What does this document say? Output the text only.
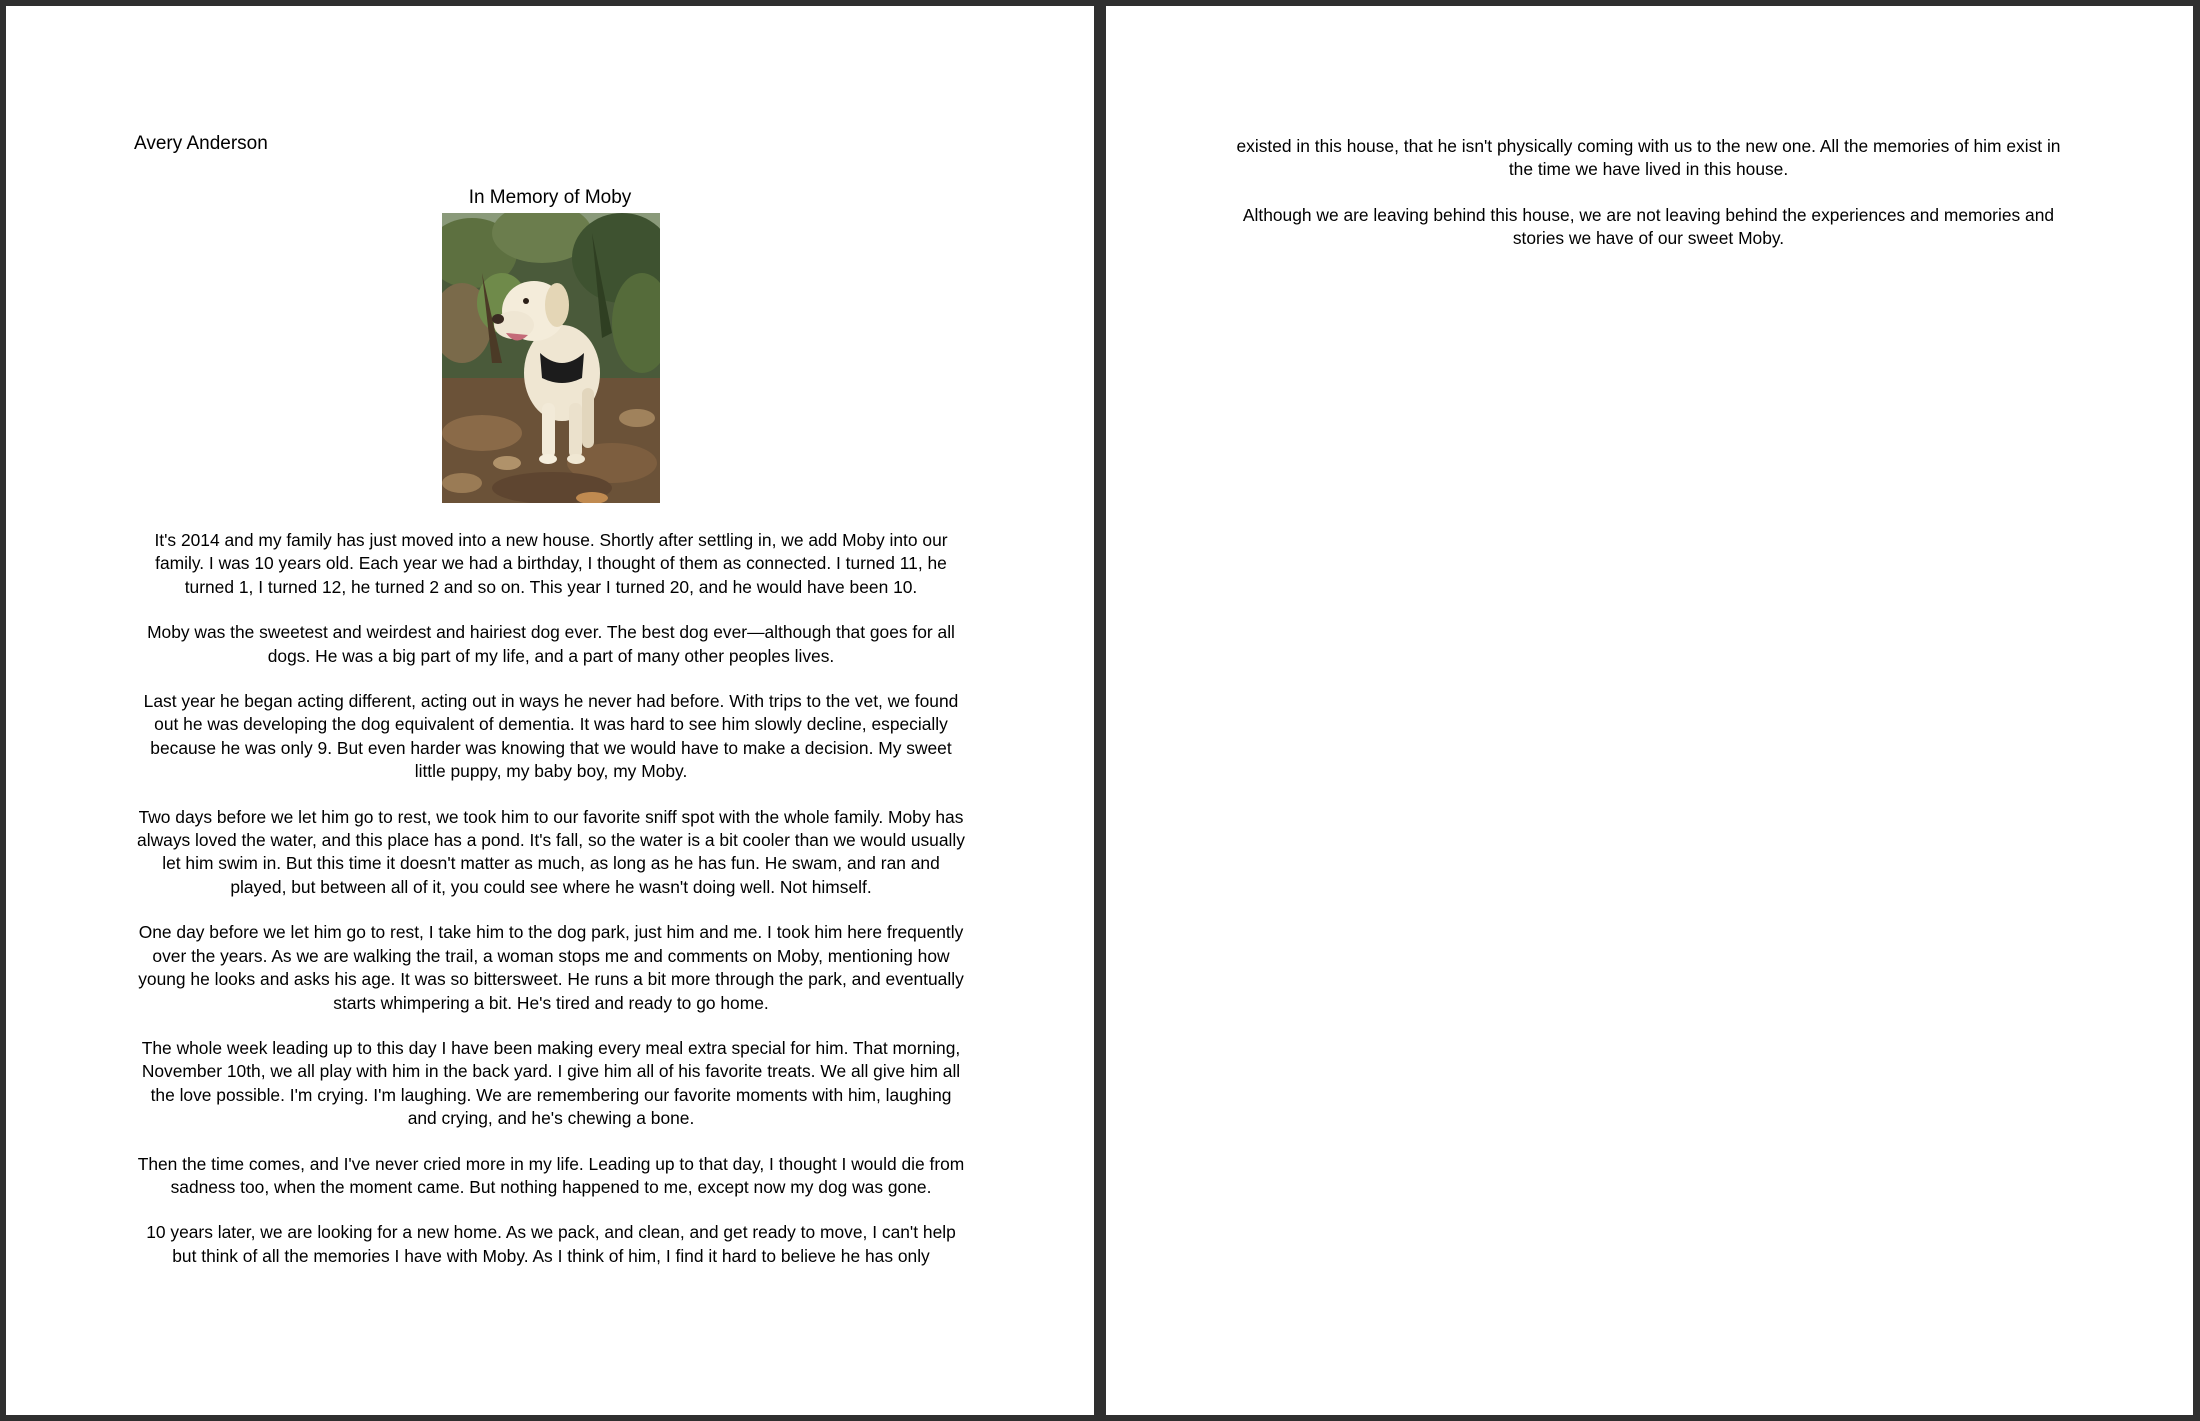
Avery Anderson

In Memory of Moby

It's 2014 and my family has just moved into a new house. Shortly after settling in, we add Moby into our family. I was 10 years old. Each year we had a birthday, I thought of them as connected. I turned 11, he turned 1, I turned 12, he turned 2 and so on. This year I turned 20, and he would have been 10.

Moby was the sweetest and weirdest and hairiest dog ever. The best dog ever—although that goes for all dogs. He was a big part of my life, and a part of many other peoples lives.

Last year he began acting different, acting out in ways he never had before. With trips to the vet, we found out he was developing the dog equivalent of dementia. It was hard to see him slowly decline, especially because he was only 9. But even harder was knowing that we would have to make a decision. My sweet little puppy, my baby boy, my Moby.

Two days before we let him go to rest, we took him to our favorite sniff spot with the whole family. Moby has always loved the water, and this place has a pond. It's fall, so the water is a bit cooler than we would usually let him swim in. But this time it doesn't matter as much, as long as he has fun. He swam, and ran and played, but between all of it, you could see where he wasn't doing well. Not himself.

One day before we let him go to rest, I take him to the dog park, just him and me. I took him here frequently over the years. As we are walking the trail, a woman stops me and comments on Moby, mentioning how young he looks and asks his age. It was so bittersweet. He runs a bit more through the park, and eventually starts whimpering a bit. He's tired and ready to go home.

The whole week leading up to this day I have been making every meal extra special for him. That morning, November 10th, we all play with him in the back yard. I give him all of his favorite treats. We all give him all the love possible. I'm crying. I'm laughing. We are remembering our favorite moments with him, laughing and crying, and he's chewing a bone.

Then the time comes, and I've never cried more in my life. Leading up to that day, I thought I would die from sadness too, when the moment came. But nothing happened to me, except now my dog was gone.

10 years later, we are looking for a new home. As we pack, and clean, and get ready to move, I can't help but think of all the memories I have with Moby. As I think of him, I find it hard to believe he has only

existed in this house, that he isn't physically coming with us to the new one. All the memories of him exist in the time we have lived in this house.

Although we are leaving behind this house, we are not leaving behind the experiences and memories and stories we have of our sweet Moby.
